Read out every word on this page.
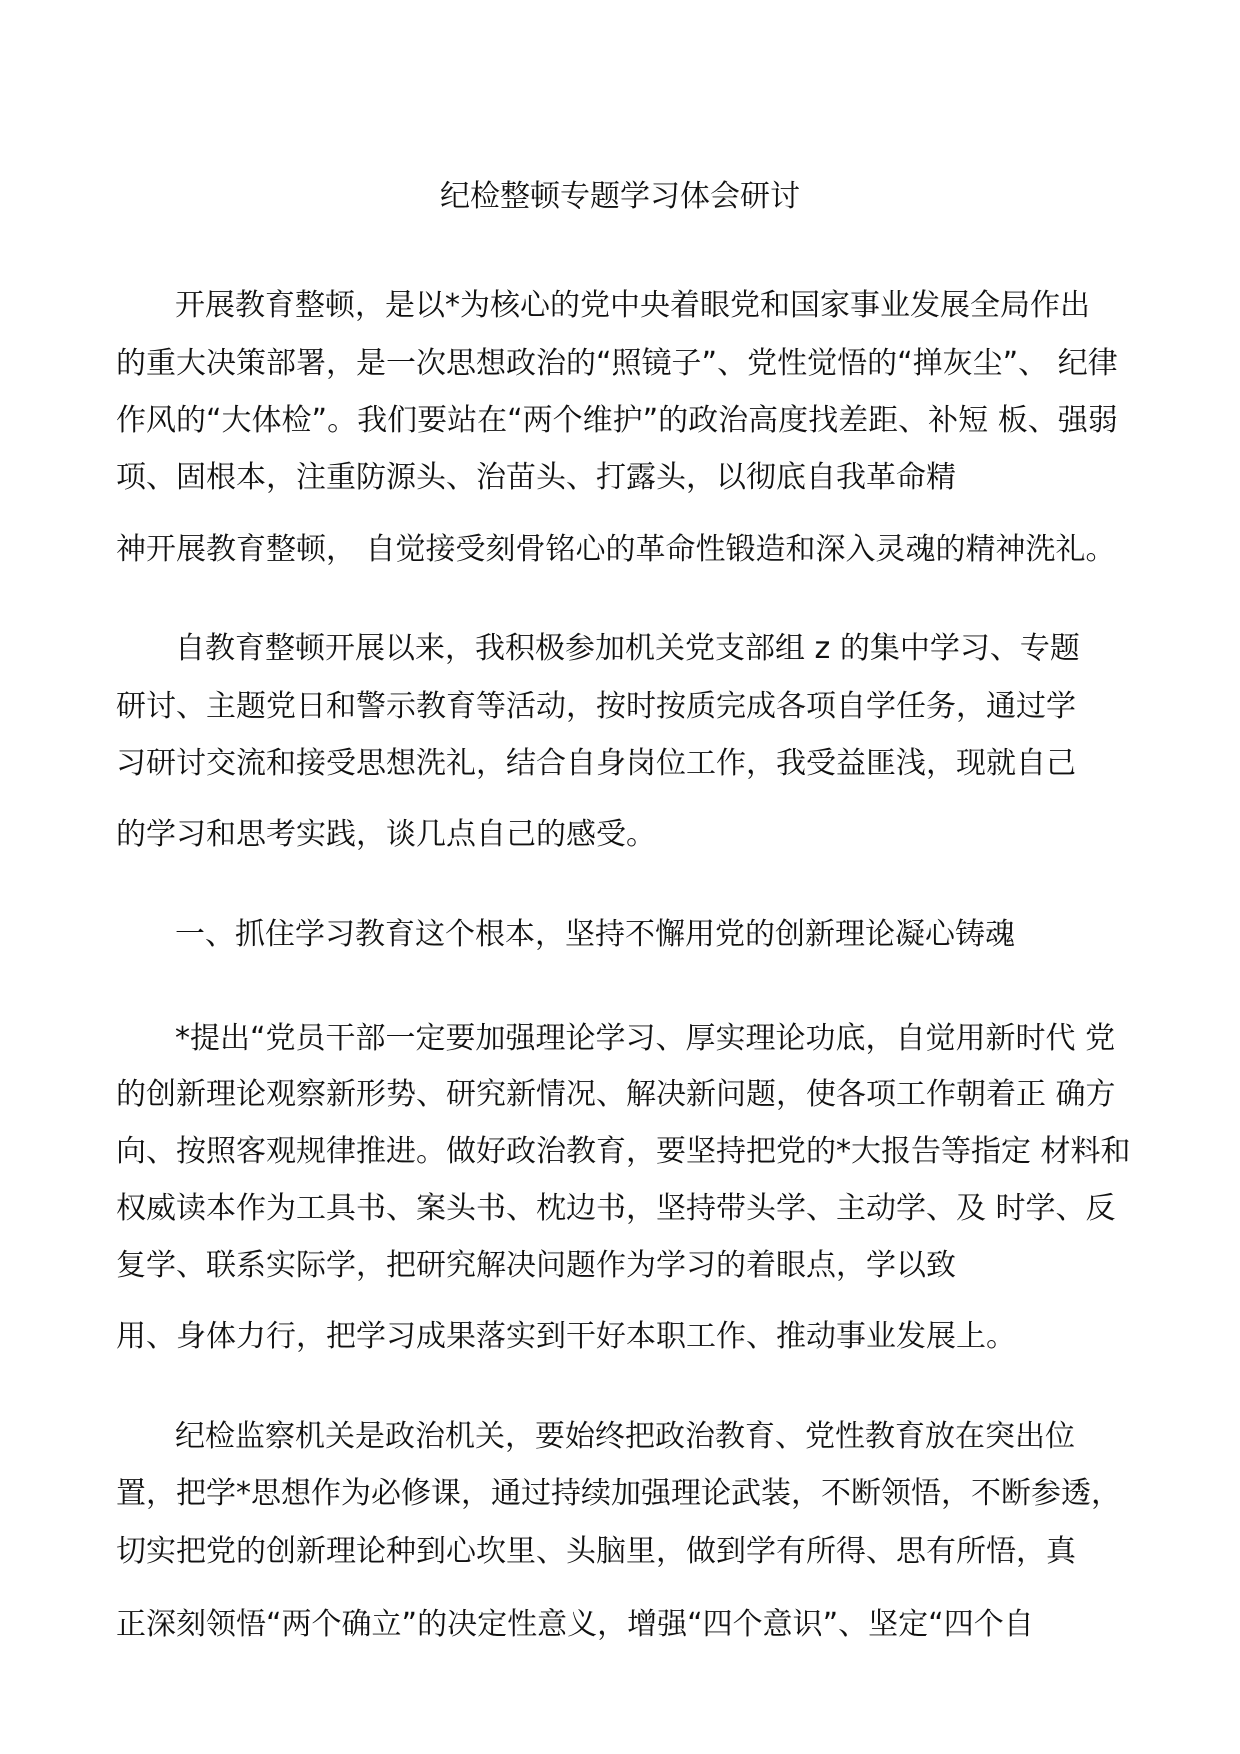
纪检整顿专题学习体会研讨
开展教育整顿，是以*为核心的党中央着眼党和国家事业发展全局作出
的重大决策部署，是一次思想政治的“照镜子”、党性觉悟的“掸灰尘”、 纪律
作风的“大体检”。我们要站在“两个维护”的政治高度找差距、补短 板、强弱
项、固根本，注重防源头、治苗头、打露头，以彻底自我革命精
神开展教育整顿， 自觉接受刻骨铭心的革命性锻造和深入灵魂的精神洗礼。
自教育整顿开展以来，我积极参加机关党支部组 z 的集中学习、专题
研讨、主题党日和警示教育等活动，按时按质完成各项自学任务，通过学
习研讨交流和接受思想洗礼，结合自身岗位工作，我受益匪浅，现就自己
的学习和思考实践，谈几点自己的感受。
一、抓住学习教育这个根本，坚持不懈用党的创新理论凝心铸魂
*提出“党员干部一定要加强理论学习、厚实理论功底，自觉用新时代 党
的创新理论观察新形势、研究新情况、解决新问题，使各项工作朝着正 确方
向、按照客观规律推进。做好政治教育，要坚持把党的*大报告等指定 材料和
权威读本作为工具书、案头书、枕边书，坚持带头学、主动学、及 时学、反
复学、联系实际学，把研究解决问题作为学习的着眼点，学以致
用、身体力行，把学习成果落实到干好本职工作、推动事业发展上。
纪检监察机关是政治机关，要始终把政治教育、党性教育放在突出位
置，把学*思想作为必修课，通过持续加强理论武装，不断领悟，不断参透，
切实把党的创新理论种到心坎里、头脑里，做到学有所得、思有所悟，真
正深刻领悟“两个确立”的决定性意义，增强“四个意识”、坚定“四个自
